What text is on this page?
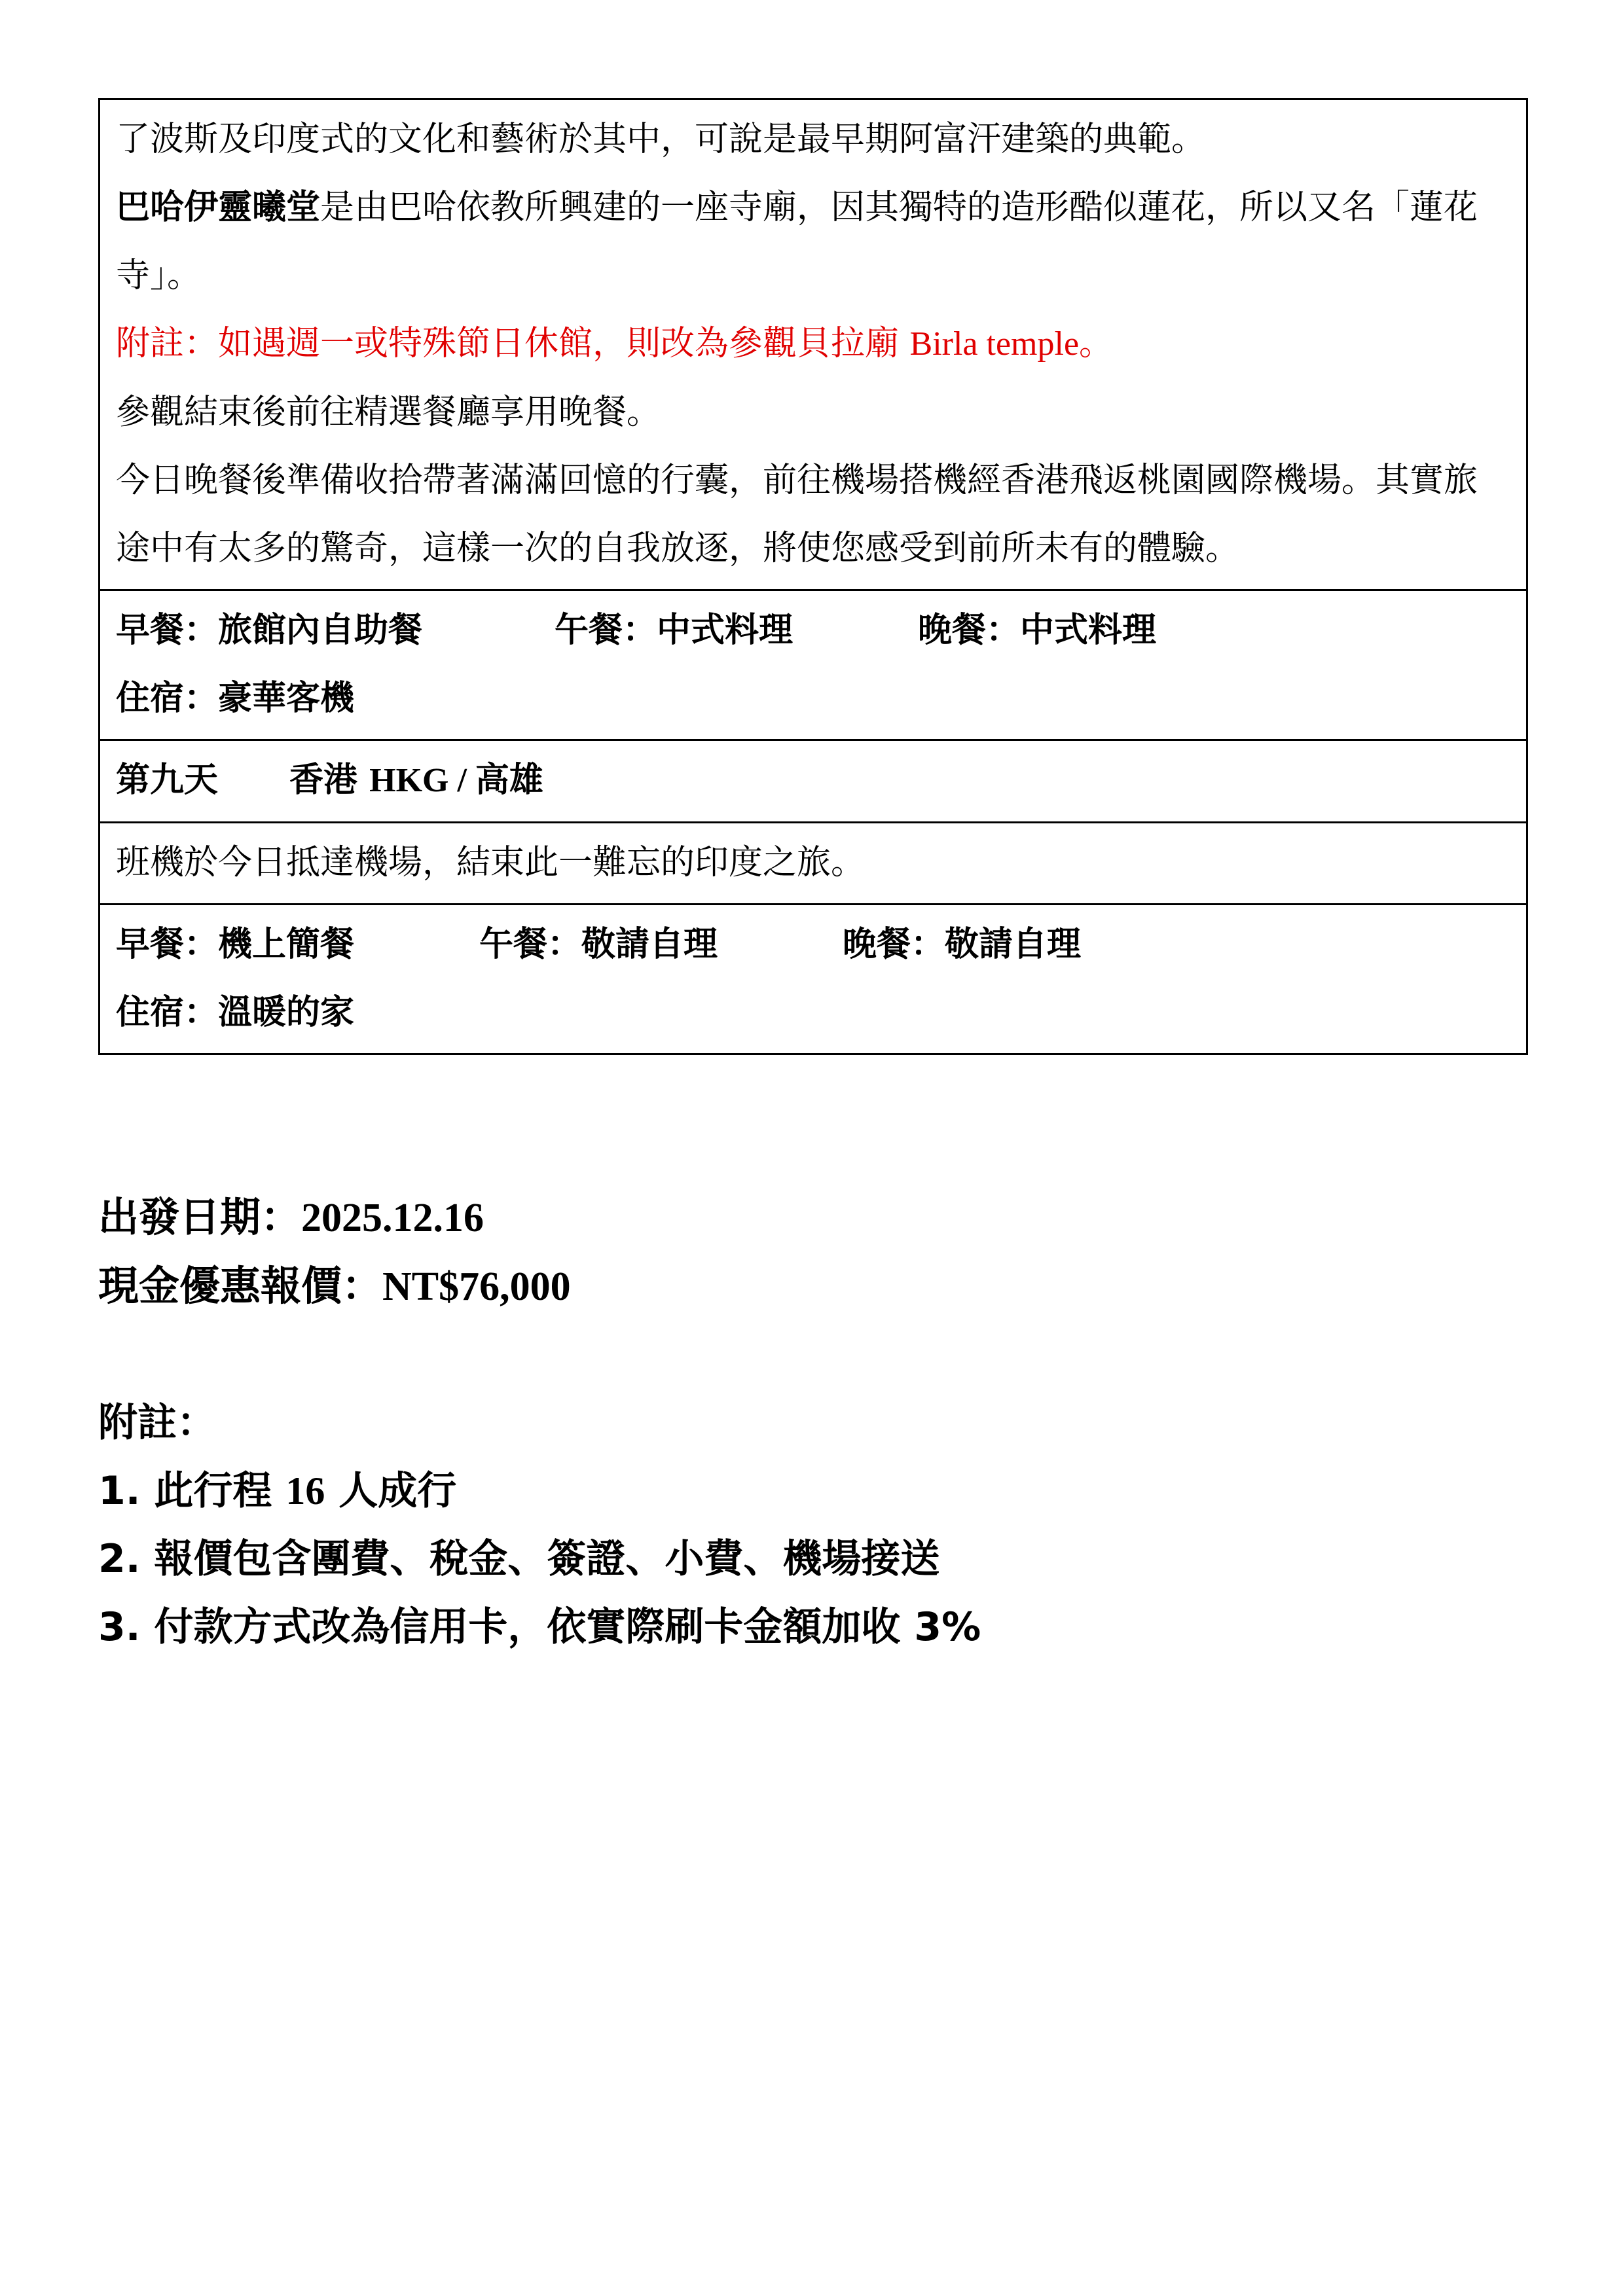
了波斯及印度式的文化和藝術於其中，可說是最早期阿富汗建築的典範。
巴哈伊靈曦堂是由巴哈依教所興建的一座寺廟，因其獨特的造形酷似蓮花，所以又名「蓮花寺」。
附註：如遇週一或特殊節日休館，則改為參觀貝拉廟 Birla temple。
參觀結束後前往精選餐廳享用晚餐。
今日晚餐後準備收拾帶著滿滿回憶的行囊，前往機場搭機經香港飛返桃園國際機場。其實旅途中有太多的驚奇，這樣一次的自我放逐，將使您感受到前所未有的體驗。

早餐：旅館內自助餐	午餐：中式料理	晚餐：中式料理
住宿：豪華客機

第九天 香港 HKG / 高雄
班機於今日抵達機場，結束此一難忘的印度之旅。

早餐：機上簡餐	午餐：敬請自理	晚餐：敬請自理
住宿：溫暖的家
出發日期：2025.12.16
現金優惠報價：NT$76,000
附註：
1. 此行程 16 人成行
2. 報價包含團費、稅金、簽證、小費、機場接送
3. 付款方式改為信用卡，依實際刷卡金額加收 3%
